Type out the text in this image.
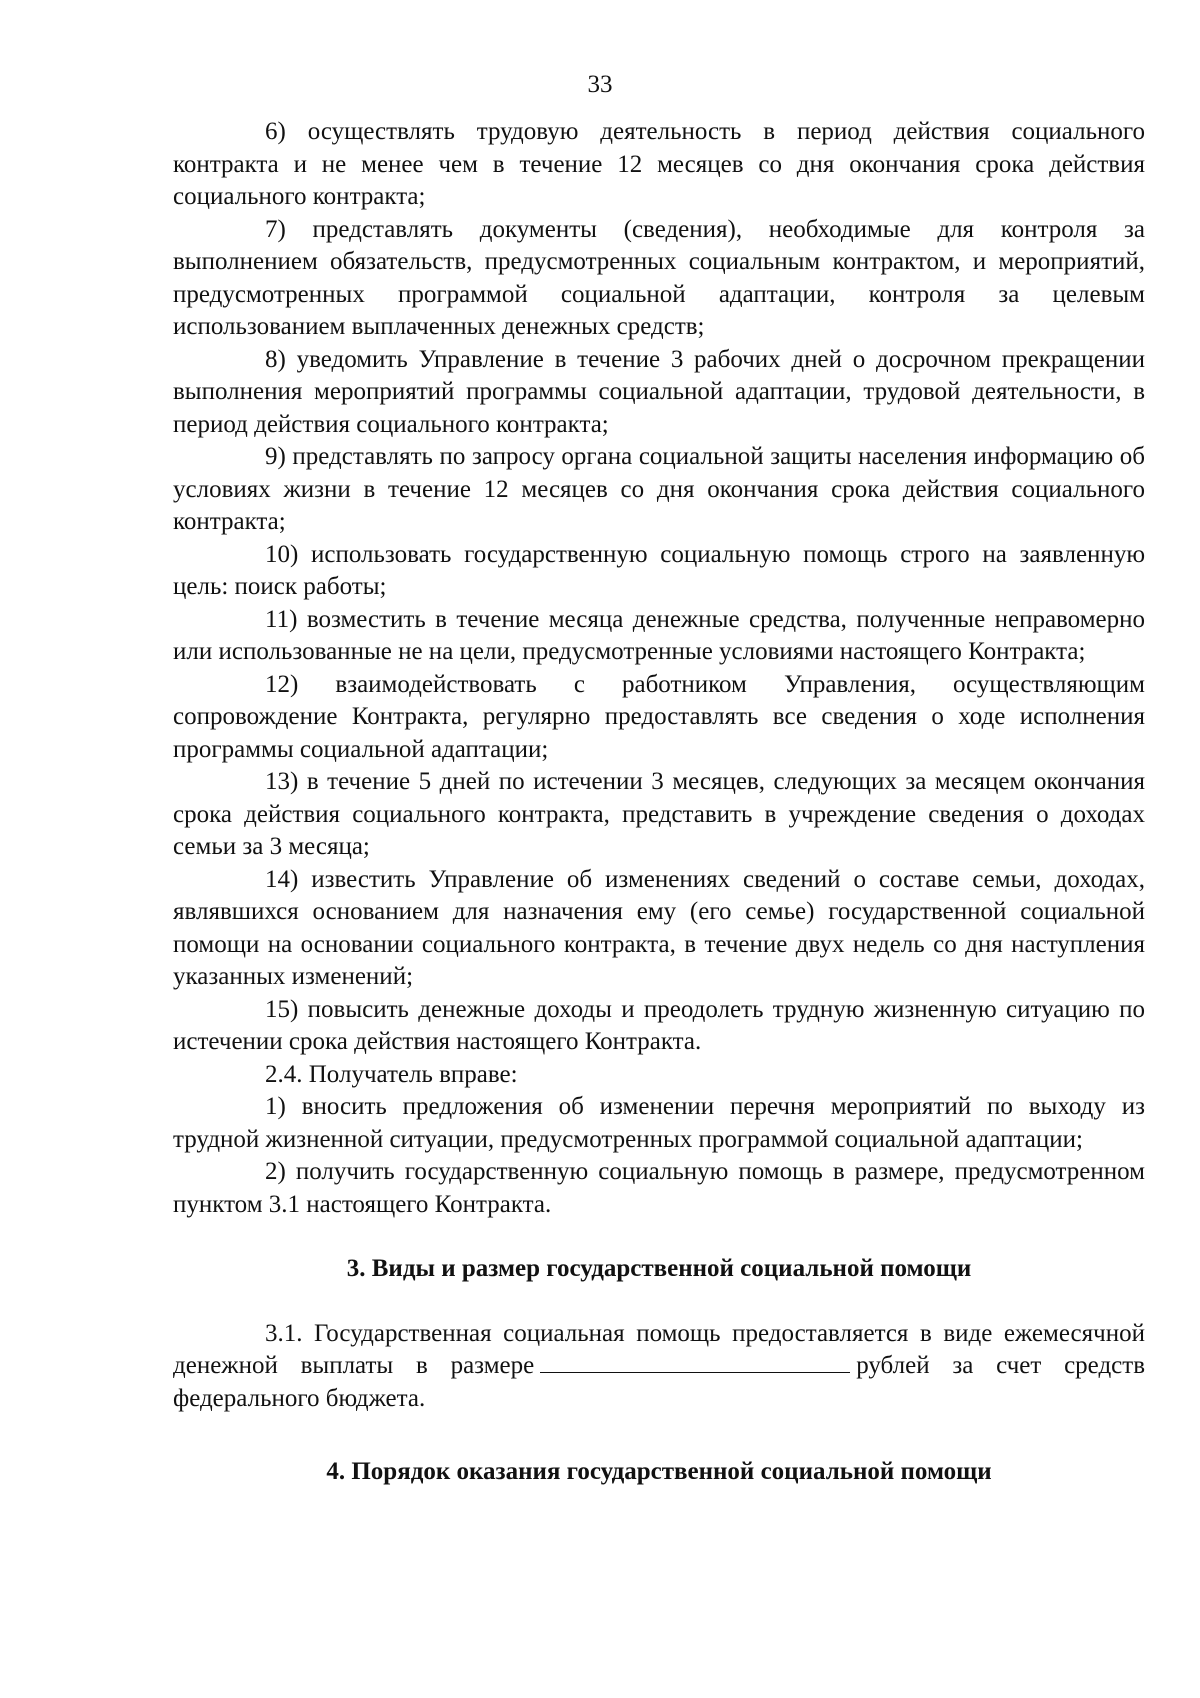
33

6) осуществлять трудовую деятельность в период действия социального контракта и не менее чем в течение 12 месяцев со дня окончания срока действия социального контракта;

7) представлять документы (сведения), необходимые для контроля за выполнением обязательств, предусмотренных социальным контрактом, и мероприятий, предусмотренных программой социальной адаптации, контроля за целевым использованием выплаченных денежных средств;

8) уведомить Управление в течение 3 рабочих дней о досрочном прекращении выполнения мероприятий программы социальной адаптации, трудовой деятельности, в период действия социального контракта;

9) представлять по запросу органа социальной защиты населения информацию об условиях жизни в течение 12 месяцев со дня окончания срока действия социального контракта;

10) использовать государственную социальную помощь строго на заявленную цель: поиск работы;

11) возместить в течение месяца денежные средства, полученные неправомерно или использованные не на цели, предусмотренные условиями настоящего Контракта;

12) взаимодействовать с работником Управления, осуществляющим сопровождение Контракта, регулярно предоставлять все сведения о ходе исполнения программы социальной адаптации;

13) в течение 5 дней по истечении 3 месяцев, следующих за месяцем окончания срока действия социального контракта, представить в учреждение сведения о доходах семьи за 3 месяца;

14) известить Управление об изменениях сведений о составе семьи, доходах, являвшихся основанием для назначения ему (его семье) государственной социальной помощи на основании социального контракта, в течение двух недель со дня наступления указанных изменений;

15) повысить денежные доходы и преодолеть трудную жизненную ситуацию по истечении срока действия настоящего Контракта.

2.4. Получатель вправе:

1) вносить предложения об изменении перечня мероприятий по выходу из трудной жизненной ситуации, предусмотренных программой социальной адаптации;

2) получить государственную социальную помощь в размере, предусмотренном пунктом 3.1 настоящего Контракта.

3. Виды и размер государственной социальной помощи

3.1. Государственная социальная помощь предоставляется в виде ежемесячной денежной выплаты в размере	рублей за счет средств федерального бюджета.

4. Порядок оказания государственной социальной помощи
